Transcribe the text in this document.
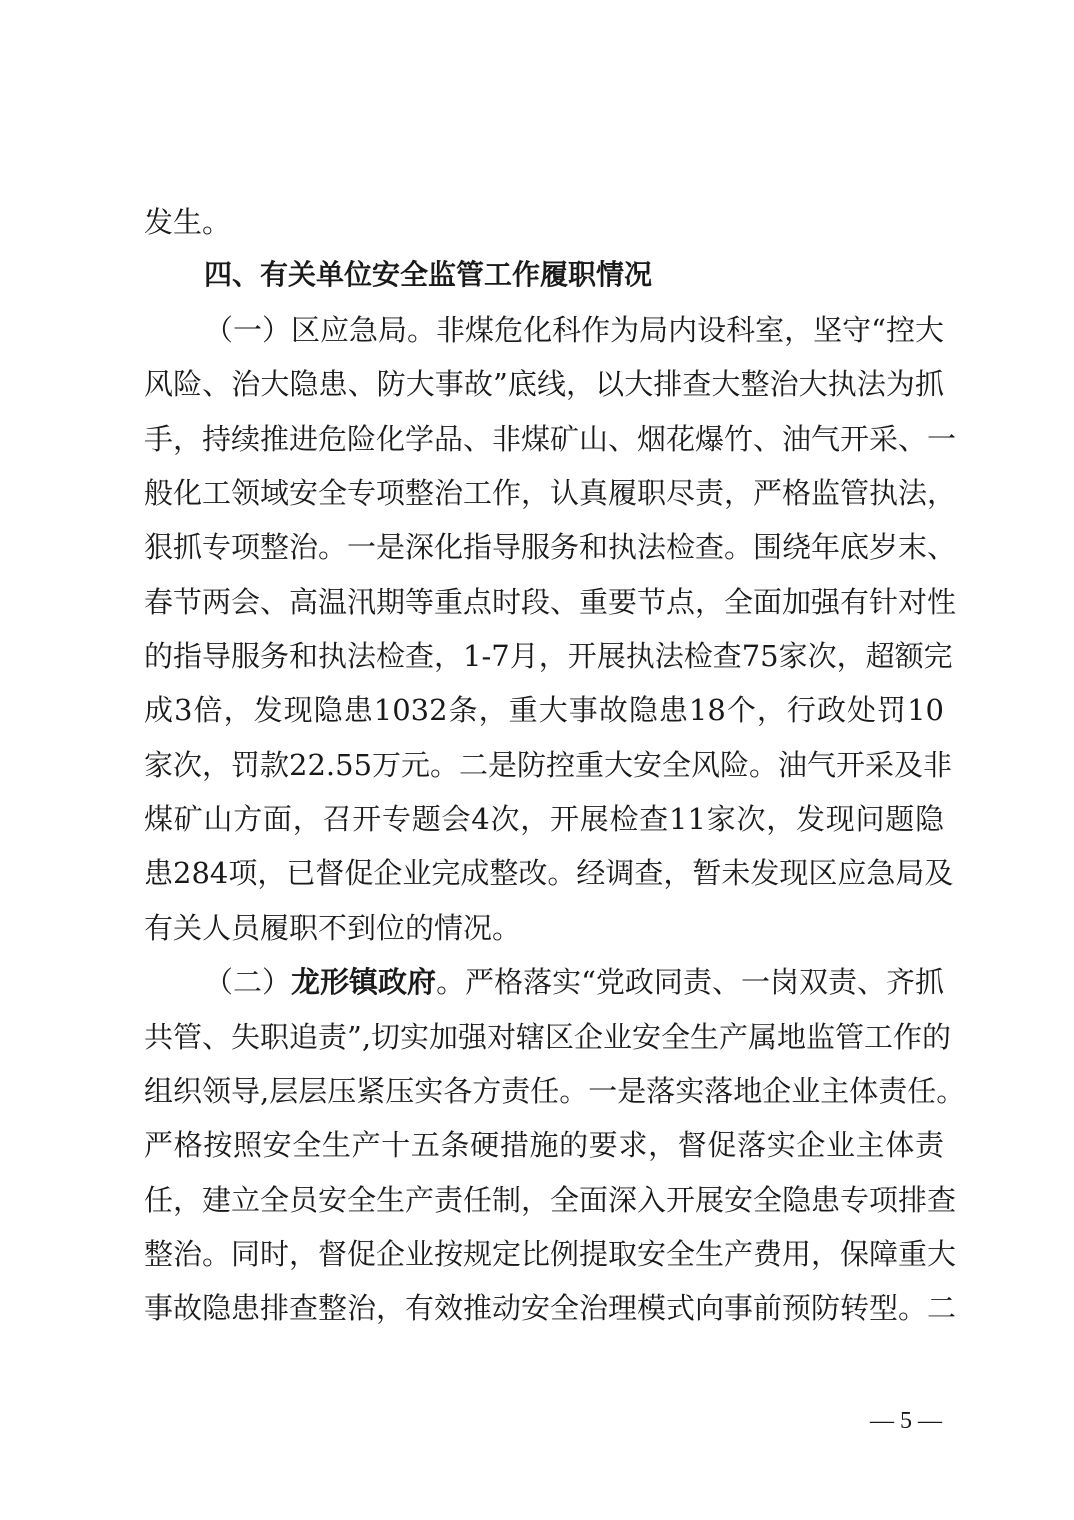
发生。
四、有关单位安全监管工作履职情况
（一）区应急局。非煤危化科作为局内设科室，坚守“控大
风险、治大隐患、防大事故”底线，以大排查大整治大执法为抓
手，持续推进危险化学品、非煤矿山、烟花爆竹、油气开采、一
般化工领域安全专项整治工作，认真履职尽责，严格监管执法，
狠抓专项整治。一是深化指导服务和执法检查。围绕年底岁末、
春节两会、高温汛期等重点时段、重要节点，全面加强有针对性
的指导服务和执法检查，1-7月，开展执法检查75家次，超额完
成3倍，发现隐患1032条，重大事故隐患18个，行政处罚10
家次，罚款22.55万元。二是防控重大安全风险。油气开采及非
煤矿山方面，召开专题会4次，开展检查11家次，发现问题隐
患284项，已督促企业完成整改。经调查，暂未发现区应急局及
有关人员履职不到位的情况。
（二）龙形镇政府。严格落实“党政同责、一岗双责、齐抓
共管、失职追责”,切实加强对辖区企业安全生产属地监管工作的
组织领导,层层压紧压实各方责任。一是落实落地企业主体责任。
严格按照安全生产十五条硬措施的要求，督促落实企业主体责
任，建立全员安全生产责任制，全面深入开展安全隐患专项排查
整治。同时，督促企业按规定比例提取安全生产费用，保障重大
事故隐患排查整治，有效推动安全治理模式向事前预防转型。二
— 5 —
